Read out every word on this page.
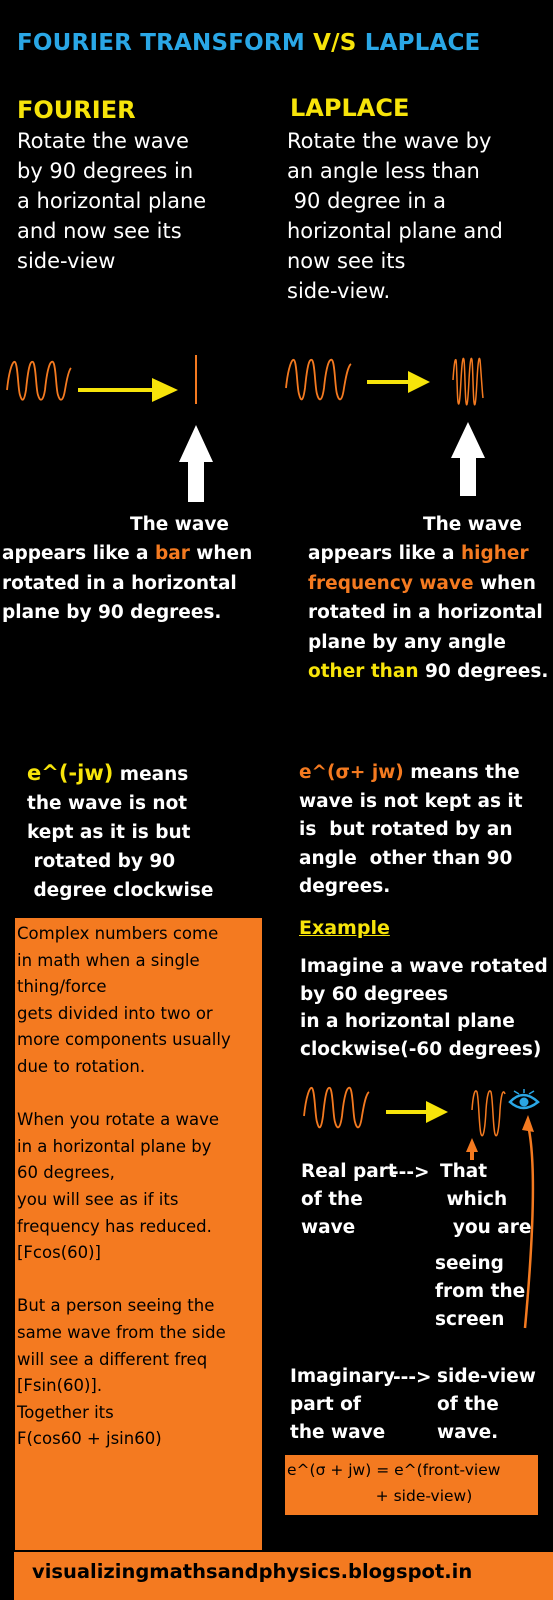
FOURIER TRANSFORM V/S LAPLACE
FOURIER
Rotate the wave
by 90 degrees in
a horizontal plane
and now see its
side-view
LAPLACE
Rotate the wave by
an angle less than
90 degree in a
horizontal plane and
now see its
side-view.
The wave
appears like a bar when
rotated in a horizontal
plane by 90 degrees.
The wave
appears like a higher
frequency wave when
rotated in a horizontal
plane by any angle
other than 90 degrees.
e^(-jw) means
the wave is not
kept as it is but
rotated by 90
degree clockwise
e^(σ+ jw) means the
wave is not kept as it
is  but rotated by an
angle  other than 90
degrees.
Complex numbers come
in math when a single
thing/force
gets divided into two or
more components usually
due to rotation.

When you rotate a wave
in a horizontal plane by
60 degrees,
you will see as if its
frequency has reduced.
[Fcos(60)]

But a person seeing the
same wave from the side
will see a different freq
[Fsin(60)].
Together its
F(cos60 + jsin60)
Example
Imagine a wave rotated
by 60 degrees
in a horizontal plane
clockwise(-60 degrees)
Real part
of the
wave
---> That
which
you are
seeing
from the
screen
Imaginary
part of
the wave
---> side-view
of the
wave.
e^(σ + jw) = e^(front-view
+ side-view)
visualizingmathsandphysics.blogspot.in
